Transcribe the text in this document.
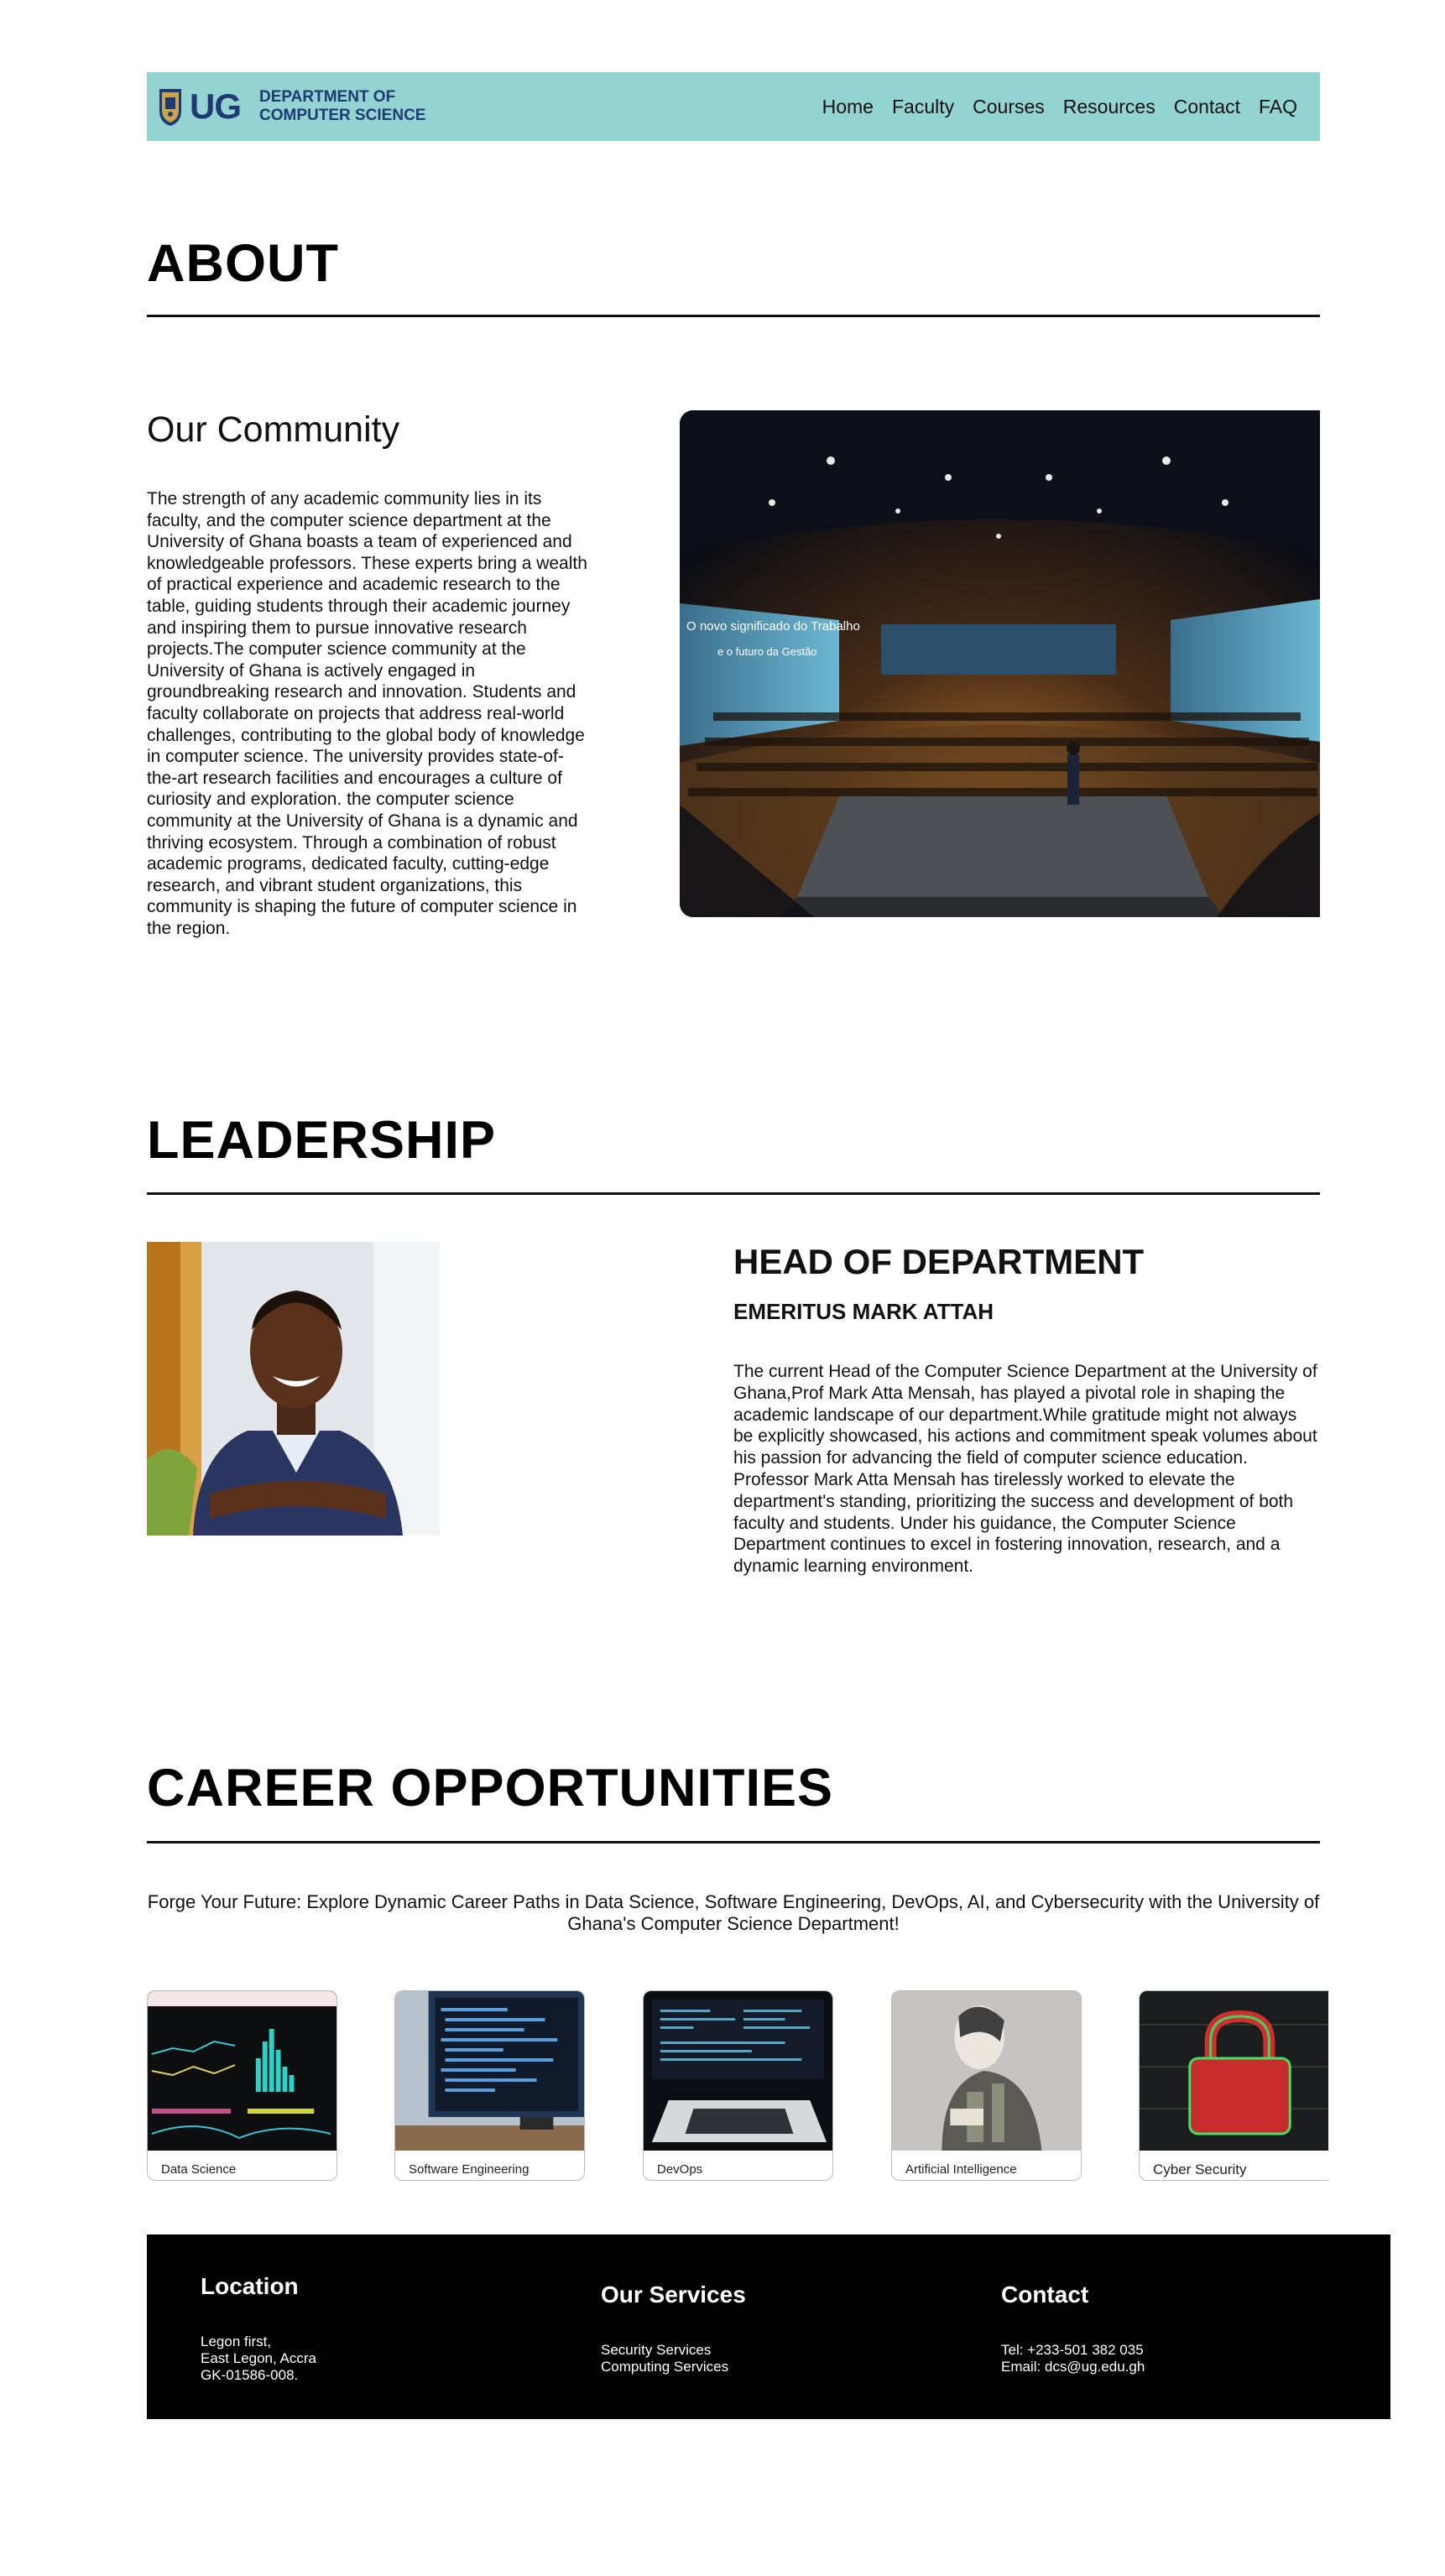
UG DEPARTMENT OF
COMPUTER SCIENCE	Home Faculty Courses Resources Contact FAQ
ABOUT
Our Community

The strength of any academic community lies in its faculty, and the computer science department at the University of Ghana boasts a team of experienced and knowledgeable professors. These experts bring a wealth of practical experience and academic research to the table, guiding students through their academic journey and inspiring them to pursue innovative research projects.The computer science community at the University of Ghana is actively engaged in groundbreaking research and innovation. Students and faculty collaborate on projects that address real-world challenges, contributing to the global body of knowledge in computer science. The university provides state-of-the-art research facilities and encourages a culture of curiosity and exploration. the computer science community at the University of Ghana is a dynamic and thriving ecosystem. Through a combination of robust academic programs, dedicated faculty, cutting-edge research, and vibrant student organizations, this community is shaping the future of computer science in the region.

O novo significado do Trabalho
e o futuro da Gestão
LEADERSHIP
HEAD OF DEPARTMENT
EMERITUS MARK ATTAH

The current Head of the Computer Science Department at the University of Ghana,Prof Mark Atta Mensah, has played a pivotal role in shaping the academic landscape of our department.While gratitude might not always be explicitly showcased, his actions and commitment speak volumes about his passion for advancing the field of computer science education. Professor Mark Atta Mensah has tirelessly worked to elevate the department's standing, prioritizing the success and development of both faculty and students. Under his guidance, the Computer Science Department continues to excel in fostering innovation, research, and a dynamic learning environment.

CAREER OPPORTUNITIES

Forge Your Future: Explore Dynamic Career Paths in Data Science, Software Engineering, DevOps, AI, and Cybersecurity with the University of Ghana's Computer Science Department!

Data Science	Software Engineering	DevOps	Artificial Intelligence	Cyber Security
Location
Legon first,
East Legon, Accra
GK-01586-008.
Our Services
Security Services
Computing Services
Contact
Tel: +233-501 382 035
Email: dcs@ug.edu.gh
